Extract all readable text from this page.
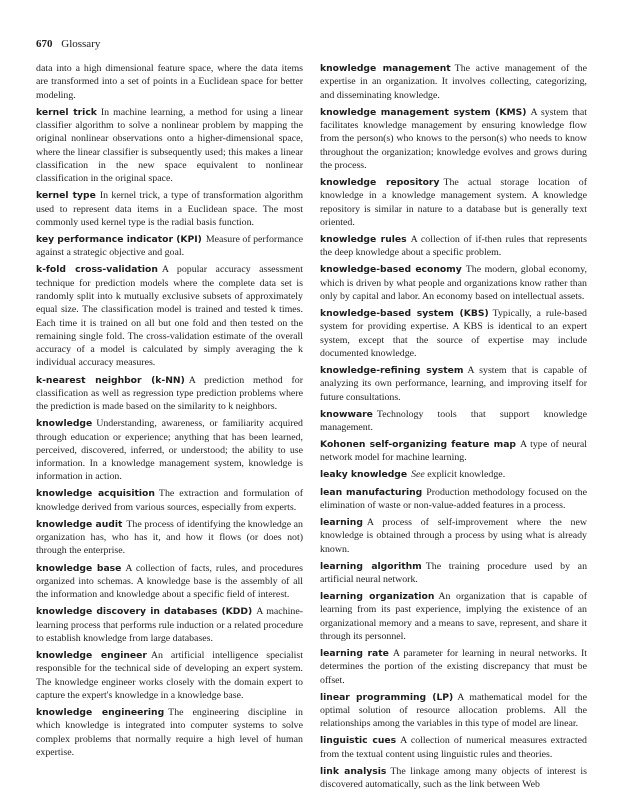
670 Glossary

data into a high dimensional feature space, where the data items are transformed into a set of points in a Euclidean space for better modeling.

kernel trick In machine learning, a method for using a linear classifier algorithm to solve a nonlinear problem by mapping the original nonlinear observations onto a higher-dimensional space, where the linear classifier is subsequently used; this makes a linear classification in the new space equivalent to nonlinear classification in the original space.

kernel type In kernel trick, a type of transformation algorithm used to represent data items in a Euclidean space. The most commonly used kernel type is the radial basis function.

key performance indicator (KPI) Measure of performance against a strategic objective and goal.

k-fold cross-validation A popular accuracy assessment technique for prediction models where the complete data set is randomly split into k mutually exclusive subsets of approximately equal size. The classification model is trained and tested k times. Each time it is trained on all but one fold and then tested on the remaining single fold. The cross-validation estimate of the overall accuracy of a model is calculated by simply averaging the k individual accuracy measures.

k-nearest neighbor (k-NN) A prediction method for classification as well as regression type prediction problems where the prediction is made based on the similarity to k neighbors.

knowledge Understanding, awareness, or familiarity acquired through education or experience; anything that has been learned, perceived, discovered, inferred, or understood; the ability to use information. In a knowledge management system, knowledge is information in action.

knowledge acquisition The extraction and formulation of knowledge derived from various sources, especially from experts.

knowledge audit The process of identifying the knowledge an organization has, who has it, and how it flows (or does not) through the enterprise.

knowledge base A collection of facts, rules, and procedures organized into schemas. A knowledge base is the assembly of all the information and knowledge about a specific field of interest.

knowledge discovery in databases (KDD) A machine-learning process that performs rule induction or a related procedure to establish knowledge from large databases.

knowledge engineer An artificial intelligence specialist responsible for the technical side of developing an expert system. The knowledge engineer works closely with the domain expert to capture the expert's knowledge in a knowledge base.

knowledge engineering The engineering discipline in which knowledge is integrated into computer systems to solve complex problems that normally require a high level of human expertise.

knowledge management The active management of the expertise in an organization. It involves collecting, categorizing, and disseminating knowledge.

knowledge management system (KMS) A system that facilitates knowledge management by ensuring knowledge flow from the person(s) who knows to the person(s) who needs to know throughout the organization; knowledge evolves and grows during the process.

knowledge repository The actual storage location of knowledge in a knowledge management system. A knowledge repository is similar in nature to a database but is generally text oriented.

knowledge rules A collection of if-then rules that represents the deep knowledge about a specific problem.

knowledge-based economy The modern, global economy, which is driven by what people and organizations know rather than only by capital and labor. An economy based on intellectual assets.

knowledge-based system (KBS) Typically, a rule-based system for providing expertise. A KBS is identical to an expert system, except that the source of expertise may include documented knowledge.

knowledge-refining system A system that is capable of analyzing its own performance, learning, and improving itself for future consultations.

knowware Technology tools that support knowledge management.

Kohonen self-organizing feature map A type of neural network model for machine learning.

leaky knowledge See explicit knowledge.

lean manufacturing Production methodology focused on the elimination of waste or non-value-added features in a process.

learning A process of self-improvement where the new knowledge is obtained through a process by using what is already known.

learning algorithm The training procedure used by an artificial neural network.

learning organization An organization that is capable of learning from its past experience, implying the existence of an organizational memory and a means to save, represent, and share it through its personnel.

learning rate A parameter for learning in neural networks. It determines the portion of the existing discrepancy that must be offset.

linear programming (LP) A mathematical model for the optimal solution of resource allocation problems. All the relationships among the variables in this type of model are linear.

linguistic cues A collection of numerical measures extracted from the textual content using linguistic rules and theories.

link analysis The linkage among many objects of interest is discovered automatically, such as the link between Web
